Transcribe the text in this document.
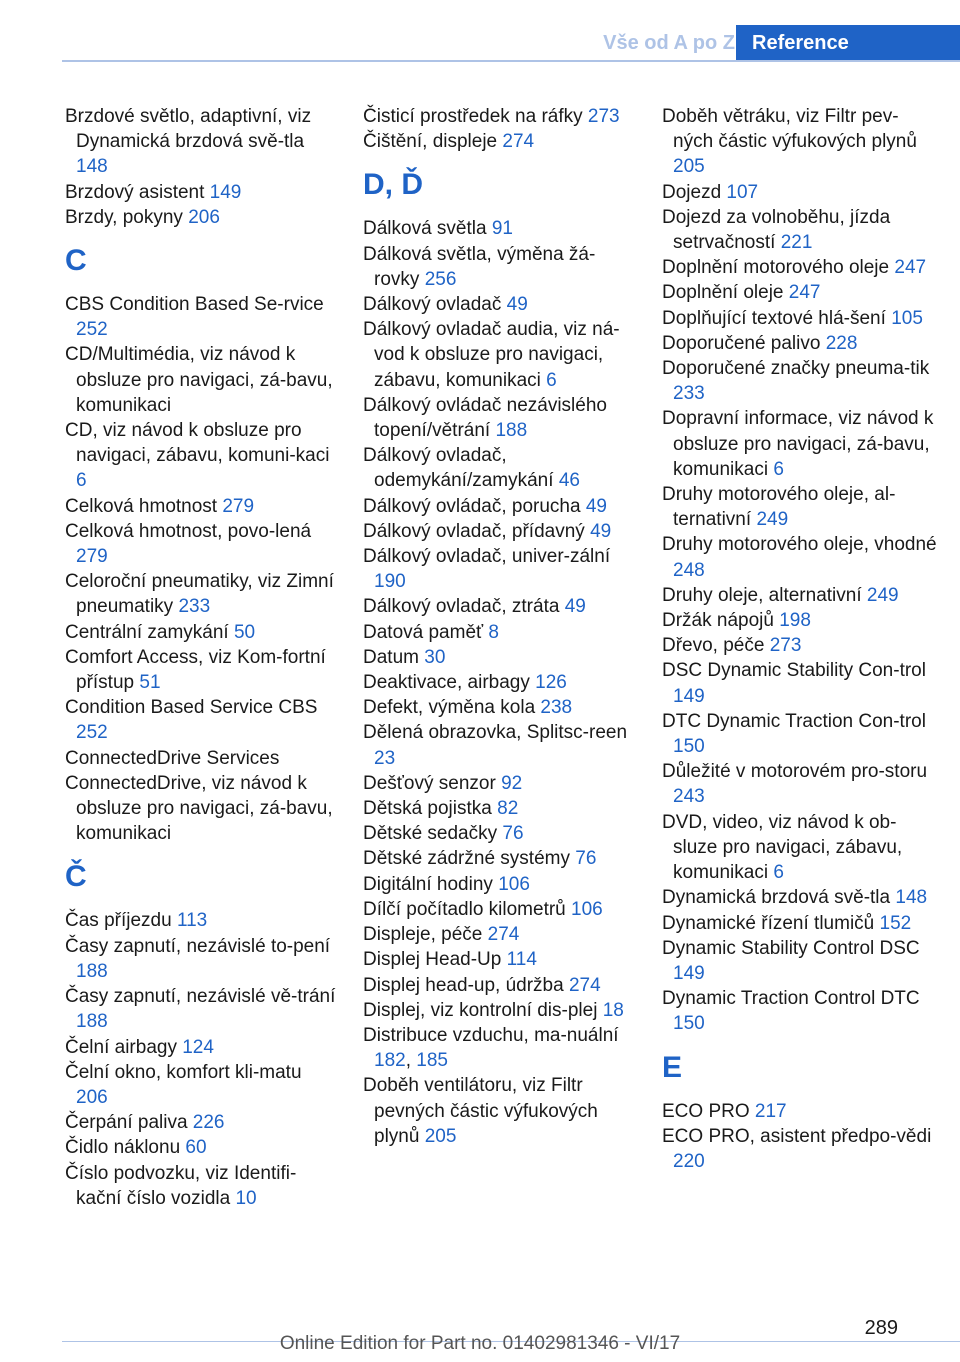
Vše od A po Z Reference
Brzdové světlo, adaptivní, viz Dynamická brzdová svě‐tla 148
Brzdový asistent 149
Brzdy, pokyny 206
C
CBS Condition Based Se‐rvice 252
CD/Multimédia, viz návod k obsluze pro navigaci, zá‐bavu, komunikaci
CD, viz návod k obsluze pro navigaci, zábavu, komuni‐kaci 6
Celková hmotnost 279
Celková hmotnost, povo‐lená 279
Celoroční pneumatiky, viz Zimní pneumatiky 233
Centrální zamykání 50
Comfort Access, viz Kom‐fortní přístup 51
Condition Based Service CBS 252
ConnectedDrive Services
ConnectedDrive, viz návod k obsluze pro navigaci, zá‐bavu, komunikaci
Č
Čas příjezdu 113
Časy zapnutí, nezávislé to‐pení 188
Časy zapnutí, nezávislé vě‐trání 188
Čelní airbagy 124
Čelní okno, komfort kli‐matu 206
Čerpání paliva 226
Čidlo náklonu 60
Číslo podvozku, viz Identifi‐kační číslo vozidla 10
Čisticí prostředek na ráfky 273
Čištění, displeje 274
D, Ď
Dálková světla 91
Dálková světla, výměna žá‐rovky 256
Dálkový ovladač 49
Dálkový ovladač audia, viz ná‐vod k obsluze pro navigaci, zábavu, komunikaci 6
Dálkový ovládač nezávislého topení/větrání 188
Dálkový ovladač, odemykání/zamykání 46
Dálkový ovládač, porucha 49
Dálkový ovladač, přídavný 49
Dálkový ovladač, univer‐zální 190
Dálkový ovladač, ztráta 49
Datová paměť 8
Datum 30
Deaktivace, airbagy 126
Defekt, výměna kola 238
Dělená obrazovka, Splitsc‐reen 23
Dešťový senzor 92
Dětská pojistka 82
Dětské sedačky 76
Dětské zádržné systémy 76
Digitální hodiny 106
Dílčí počítadlo kilometrů 106
Displeje, péče 274
Displej Head-Up 114
Displej head-up, údržba 274
Displej, viz kontrolní dis‐plej 18
Distribuce vzduchu, ma‐nuální 182, 185
Doběh ventilátoru, viz Filtr pevných částic výfukových plynů 205
Doběh větráku, viz Filtr pev‐ných částic výfukových plynů 205
Dojezd 107
Dojezd za volnoběhu, jízda setrvačností 221
Doplnění motorového oleje 247
Doplnění oleje 247
Doplňující textové hlá‐šení 105
Doporučené palivo 228
Doporučené značky pneuma‐tik 233
Dopravní informace, viz návod k obsluze pro navigaci, zá‐bavu, komunikaci 6
Druhy motorového oleje, al‐ternativní 249
Druhy motorového oleje, vhodné 248
Druhy oleje, alternativní 249
Držák nápojů 198
Dřevo, péče 273
DSC Dynamic Stability Con‐trol 149
DTC Dynamic Traction Con‐trol 150
Důležité v motorovém pro‐storu 243
DVD, video, viz návod k ob‐sluze pro navigaci, zábavu, komunikaci 6
Dynamická brzdová svě‐tla 148
Dynamické řízení tlumičů 152
Dynamic Stability Control DSC 149
Dynamic Traction Control DTC 150
E
ECO PRO 217
ECO PRO, asistent předpo‐vědi 220
289
Online Edition for Part no. 01402981346 - VI/17
